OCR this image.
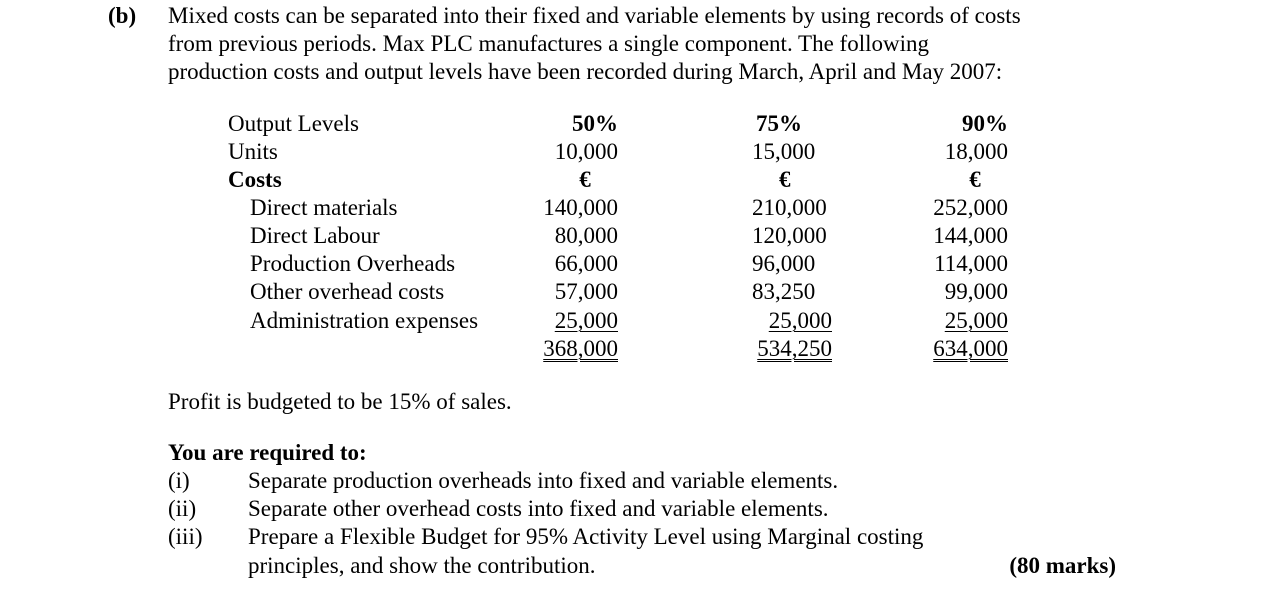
(b) Mixed costs can be separated into their fixed and variable elements by using records of costs
from previous periods. Max PLC manufactures a single component. The following
production costs and output levels have been recorded during March, April and May 2007:
Output Levels
Units
Costs
Direct materials
Direct Labour
Production Overheads
Other overhead costs
Administration expenses
50%
10,000
€
140,000
80,000
66,000
57,000
25,000
368,000
75%
15,000
€
210,000
120,000
96,000
83,250
25,000
534,250
90%
18,000
€
252,000
144,000
114,000
99,000
25,000
634,000
Profit is budgeted to be 15% of sales.
You are required to:
(i)	Separate production overheads into fixed and variable elements.
(ii) Separate other overhead costs into fixed and variable elements.
(iii) Prepare a Flexible Budget for 95% Activity Level using Marginal costing
principles, and show the contribution.	(80 marks)
